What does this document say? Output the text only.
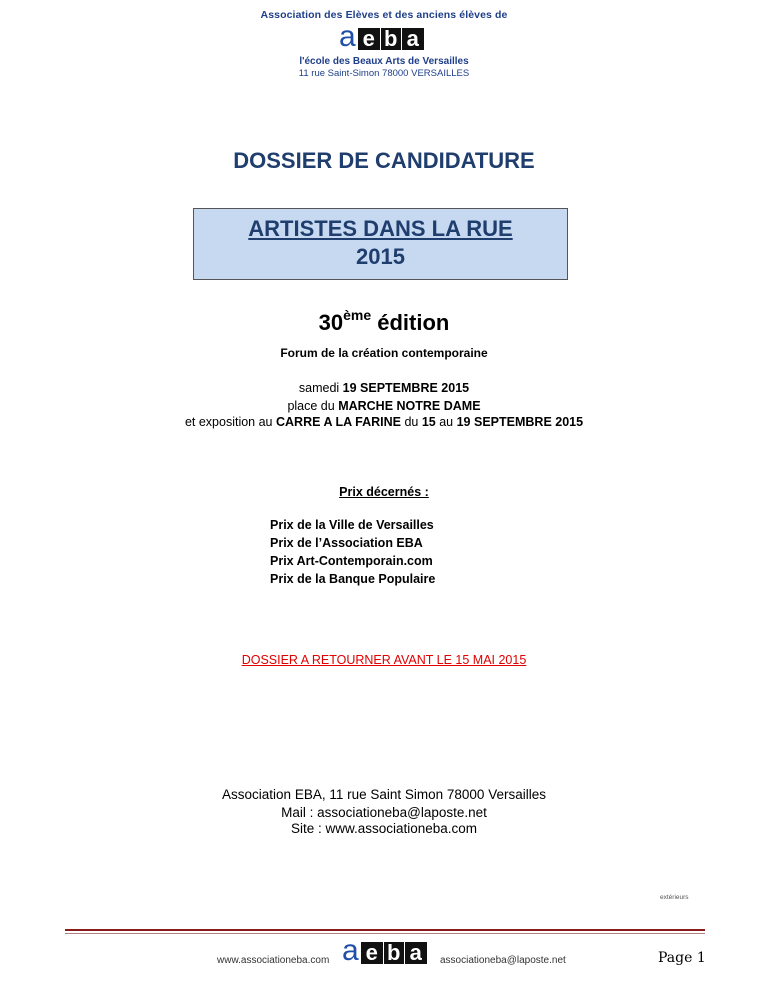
Association des Elèves et des anciens élèves de
a e b a
l'école des Beaux Arts de Versailles
11 rue Saint-Simon 78000 VERSAILLES
DOSSIER DE CANDIDATURE
ARTISTES DANS LA RUE
2015
30ème édition
Forum de la création contemporaine
samedi 19 SEPTEMBRE 2015
place du MARCHE NOTRE DAME
et exposition au CARRE A LA FARINE du 15 au 19 SEPTEMBRE 2015
Prix décernés :
Prix de la Ville de Versailles
Prix de l’Association EBA
Prix Art-Contemporain.com
Prix de la Banque Populaire
DOSSIER A RETOURNER AVANT LE 15 MAI 2015
Association EBA, 11 rue Saint Simon 78000 Versailles
Mail : associationeba@laposte.net
Site : www.associationeba.com
extérieurs
www.associationeba.com a e b a	associationeba@laposte.net	Page 1
